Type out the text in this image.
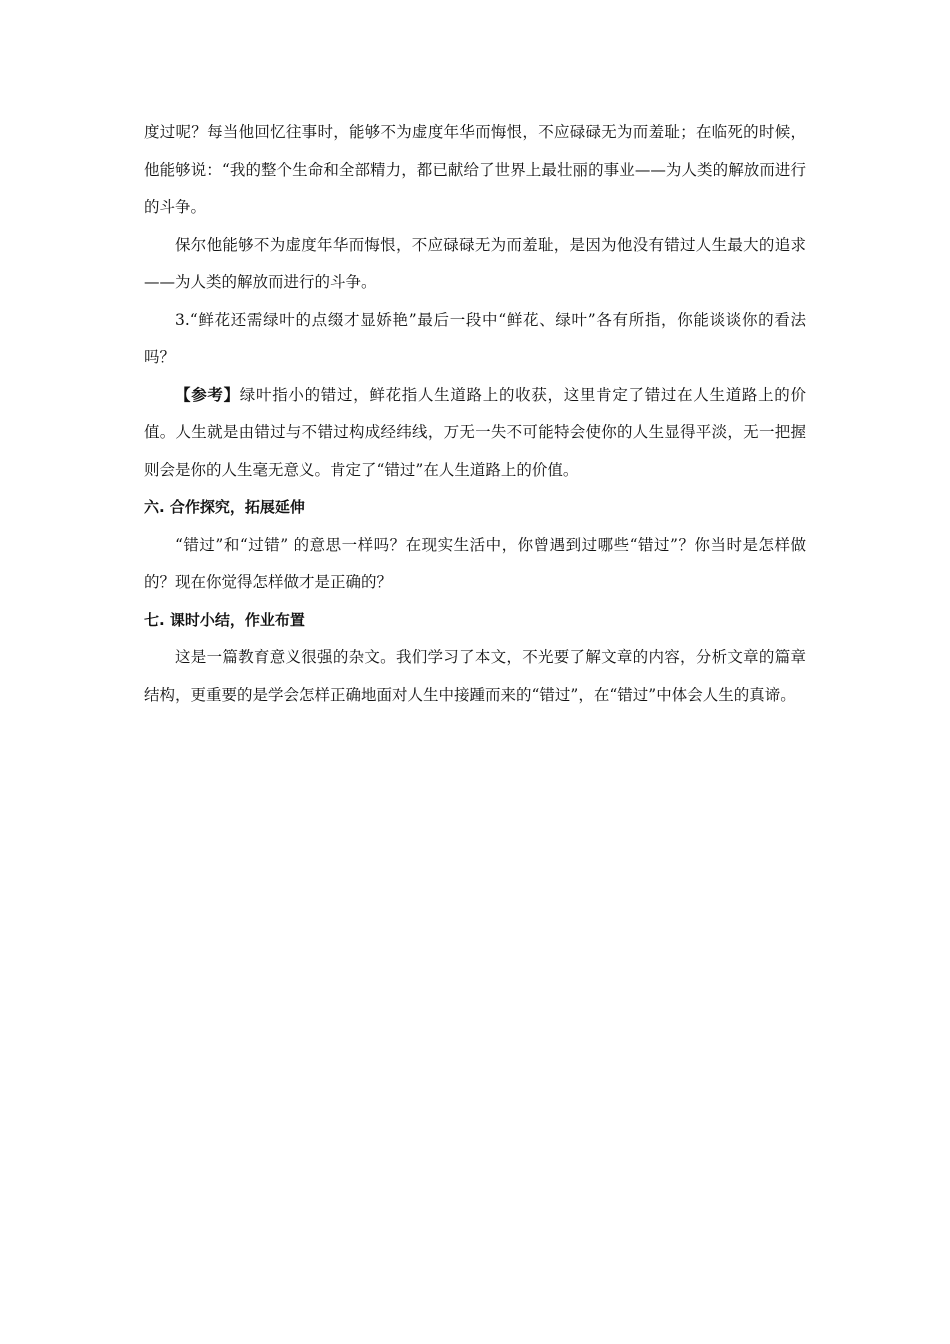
度过呢？每当他回忆往事时，能够不为虚度年华而悔恨，不应碌碌无为而羞耻；在临死的时候，他能够说：“我的整个生命和全部精力，都已献给了世界上最壮丽的事业——为人类的解放而进行的斗争。

保尔他能够不为虚度年华而悔恨，不应碌碌无为而羞耻，是因为他没有错过人生最大的追求——为人类的解放而进行的斗争。

3.“鲜花还需绿叶的点缀才显娇艳”最后一段中“鲜花、绿叶”各有所指，你能谈谈你的看法吗？

【参考】绿叶指小的错过，鲜花指人生道路上的收获，这里肯定了错过在人生道路上的价值。人生就是由错过与不错过构成经纬线，万无一失不可能特会使你的人生显得平淡，无一把握则会是你的人生毫无意义。肯定了“错过”在人生道路上的价值。

六. 合作探究，拓展延伸

“错过”和“过错” 的意思一样吗？在现实生活中，你曾遇到过哪些“错过”？你当时是怎样做的？现在你觉得怎样做才是正确的？

七. 课时小结，作业布置

这是一篇教育意义很强的杂文。我们学习了本文，不光要了解文章的内容，分析文章的篇章结构，更重要的是学会怎样正确地面对人生中接踵而来的“错过”，在“错过”中体会人生的真谛。
